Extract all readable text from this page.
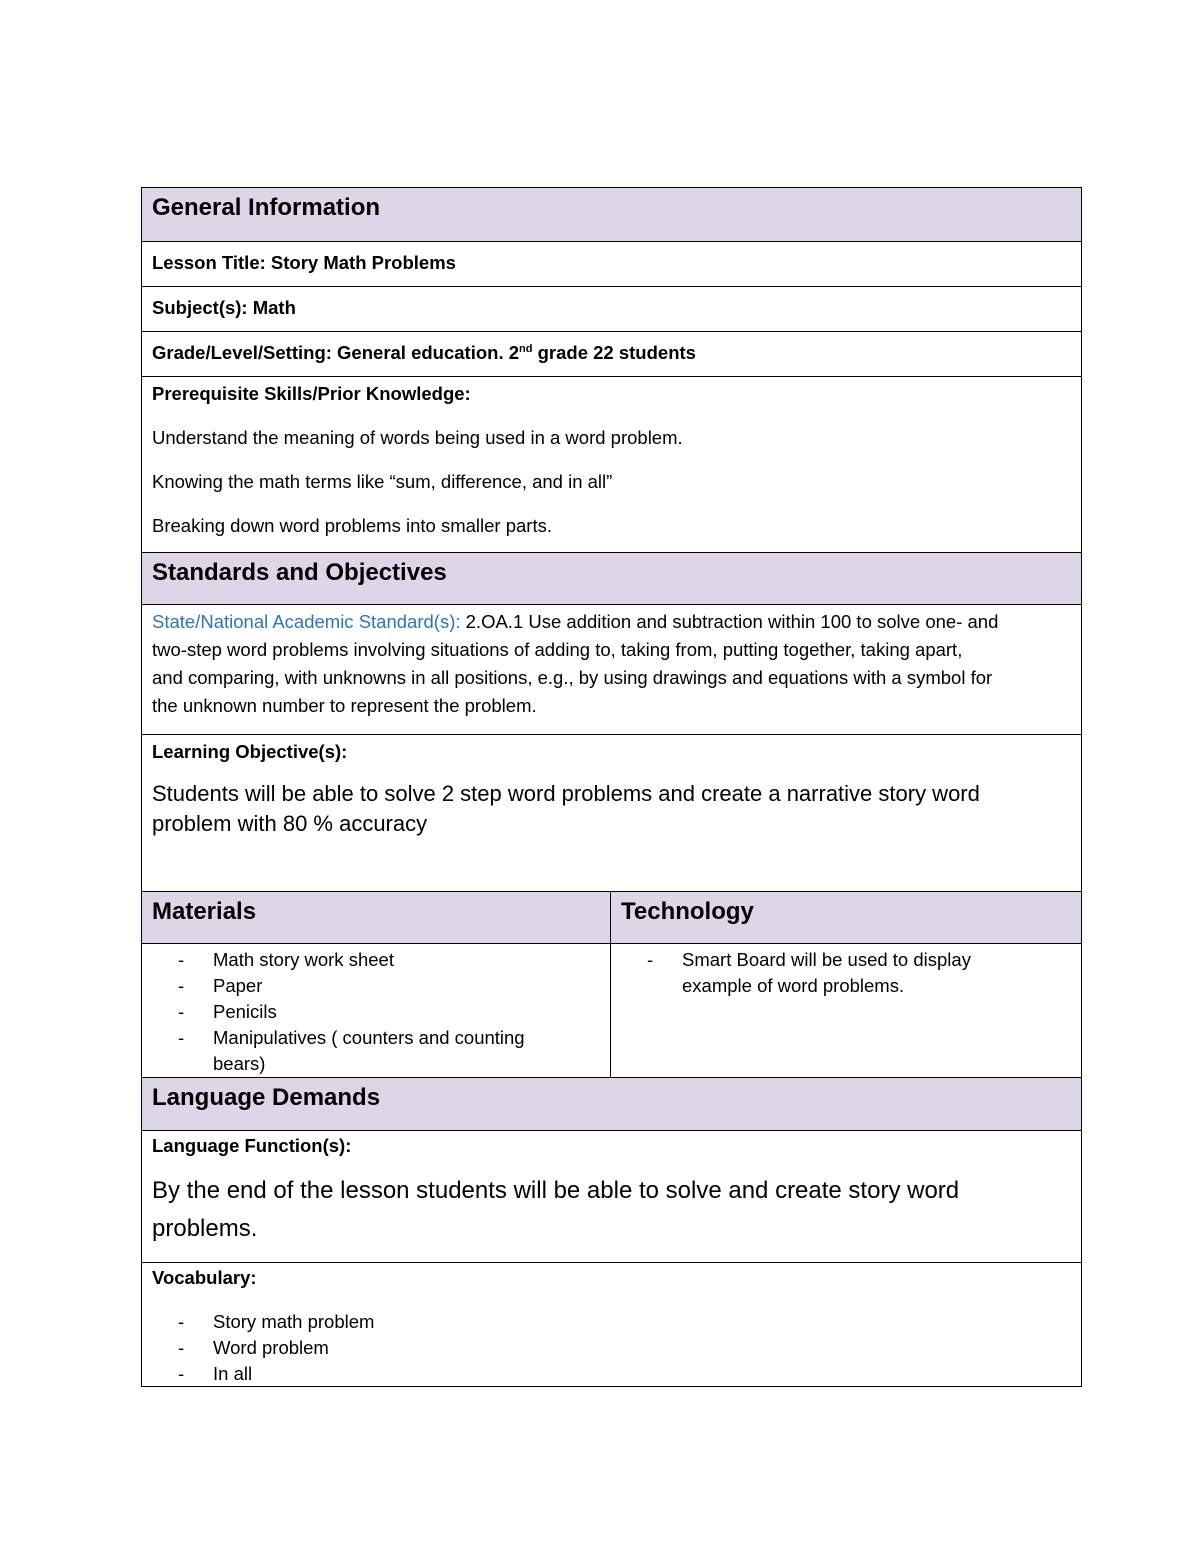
General Information
Lesson Title: Story Math Problems
Subject(s): Math
Grade/Level/Setting: General education. 2nd grade 22 students
Prerequisite Skills/Prior Knowledge:
Understand the meaning of words being used in a word problem.
Knowing the math terms like “sum, difference, and in all”
Breaking down word problems into smaller parts.
Standards and Objectives
State/National Academic Standard(s): 2.OA.1 Use addition and subtraction within 100 to solve one- and
two-step word problems involving situations of adding to, taking from, putting together, taking apart,
and comparing, with unknowns in all positions, e.g., by using drawings and equations with a symbol for
the unknown number to represent the problem.
Learning Objective(s):
Students will be able to solve 2 step word problems and create a narrative story word
problem with 80 % accuracy
Materials
- Math story work sheet
- Paper
- Penicils
- Manipulatives ( counters and counting bears)
Technology
- Smart Board will be used to display example of word problems.
Language Demands
Language Function(s):
By the end of the lesson students will be able to solve and create story word
problems.
Vocabulary:
- Story math problem
- Word problem
- In all
